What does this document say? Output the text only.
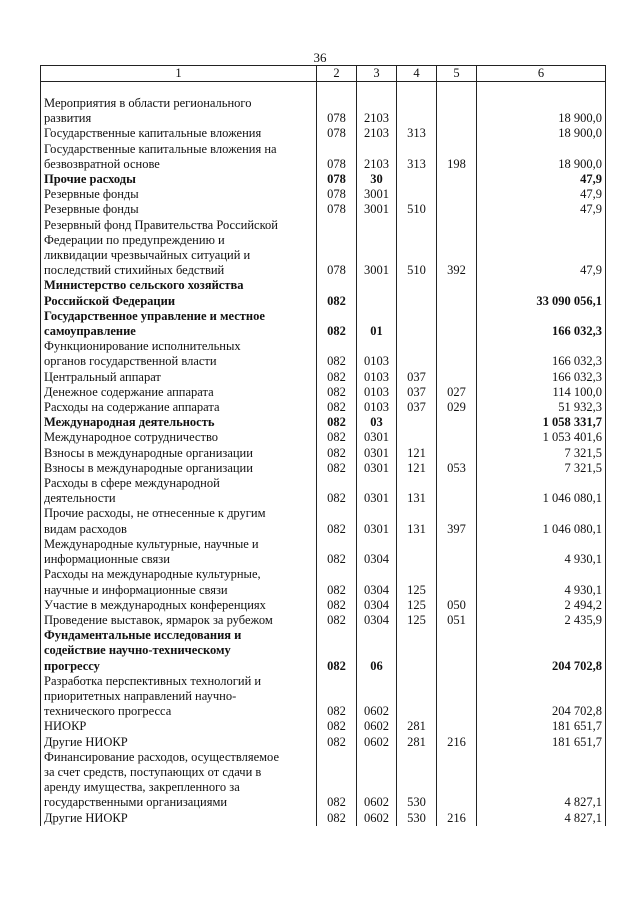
36
1	2	3	4	5	6

Мероприятия в области регионального
развития	078	2103			18 900,0
Государственные капитальные вложения	078	2103	313		18 900,0
Государственные капитальные вложения на
безвозвратной основе	078	2103	313	198	18 900,0
Прочие расходы	078	30			47,9
Резервные фонды	078	3001			47,9
Резервные фонды	078	3001	510		47,9
Резервный фонд Правительства Российской
Федерации по предупреждению и
ликвидации чрезвычайных ситуаций и
последствий стихийных бедствий	078	3001	510	392	47,9
Министерство сельского хозяйства
Российской Федерации	082				33 090 056,1
Государственное управление и местное
самоуправление	082	01			166 032,3
Функционирование исполнительных
органов государственной власти	082	0103			166 032,3
Центральный аппарат	082	0103	037		166 032,3
Денежное содержание аппарата	082	0103	037	027	114 100,0
Расходы на содержание аппарата	082	0103	037	029	51 932,3
Международная деятельность	082	03			1 058 331,7
Международное сотрудничество	082	0301			1 053 401,6
Взносы в международные организации	082	0301	121		7 321,5
Взносы в международные организации	082	0301	121	053	7 321,5
Расходы в сфере международной
деятельности	082	0301	131		1 046 080,1
Прочие расходы, не отнесенные к другим
видам расходов	082	0301	131	397	1 046 080,1
Международные культурные, научные и
информационные связи	082	0304			4 930,1
Расходы на международные культурные,
научные и информационные связи	082	0304	125		4 930,1
Участие в международных конференциях	082	0304	125	050	2 494,2
Проведение выставок, ярмарок за рубежом	082	0304	125	051	2 435,9
Фундаментальные исследования и
содействие научно-техническому
прогрессу	082	06			204 702,8
Разработка перспективных технологий и
приоритетных направлений научно-
технического прогресса	082	0602			204 702,8
НИОКР	082	0602	281		181 651,7
Другие НИОКР	082	0602	281	216	181 651,7
Финансирование расходов, осуществляемое
за счет средств, поступающих от сдачи в
аренду имущества, закрепленного за
государственными организациями	082	0602	530		4 827,1
Другие НИОКР	082	0602	530	216	4 827,1
